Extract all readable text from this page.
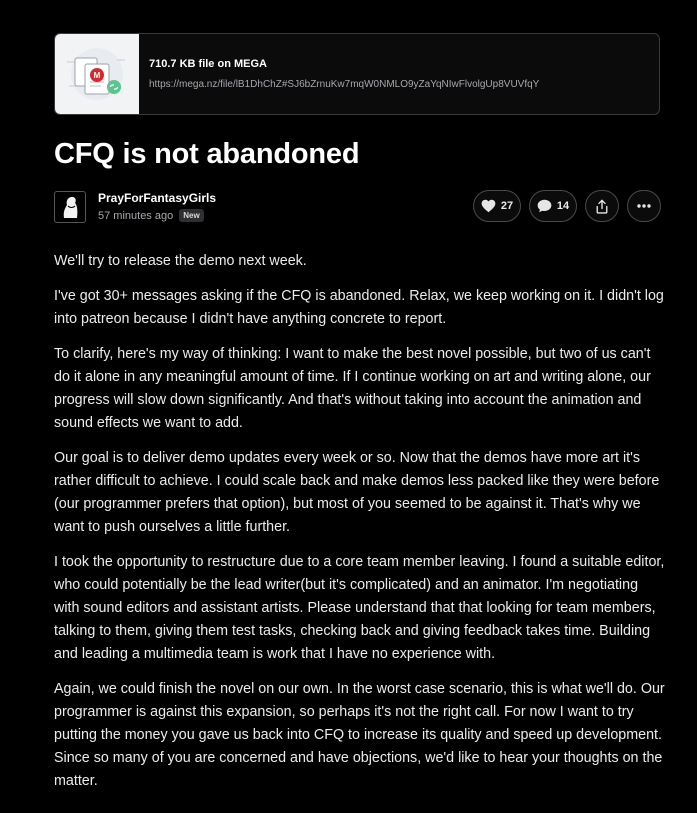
M
710.7 KB file on MEGA
https://mega.nz/file/lB1DhChZ#SJ6bZrnuKw7mqW0NMLO9yZaYqNIwFlvolgUp8VUVfqY
CFQ is not abandoned
PrayForFantasyGirls
57 minutes ago	New
27	14

We'll try to release the demo next week.

I've got 30+ messages asking if the CFQ is abandoned. Relax, we keep working on it. I didn't log into patreon because I didn't have anything concrete to report.

To clarify, here's my way of thinking: I want to make the best novel possible, but two of us can't do it alone in any meaningful amount of time. If I continue working on art and writing alone, our progress will slow down significantly. And that's without taking into account the animation and sound effects we want to add.

Our goal is to deliver demo updates every week or so. Now that the demos have more art it's rather difficult to achieve. I could scale back and make demos less packed like they were before (our programmer prefers that option), but most of you seemed to be against it. That's why we want to push ourselves a little further.

I took the opportunity to restructure due to a core team member leaving. I found a suitable editor, who could potentially be the lead writer(but it's complicated) and an animator. I'm negotiating with sound editors and assistant artists. Please understand that that looking for team members, talking to them, giving them test tasks, checking back and giving feedback takes time. Building and leading a multimedia team is work that I have no experience with.

Again, we could finish the novel on our own. In the worst case scenario, this is what we'll do. Our programmer is against this expansion, so perhaps it's not the right call. For now I want to try putting the money you gave us back into CFQ to increase its quality and speed up development. Since so many of you are concerned and have objections, we'd like to hear your thoughts on the matter.
